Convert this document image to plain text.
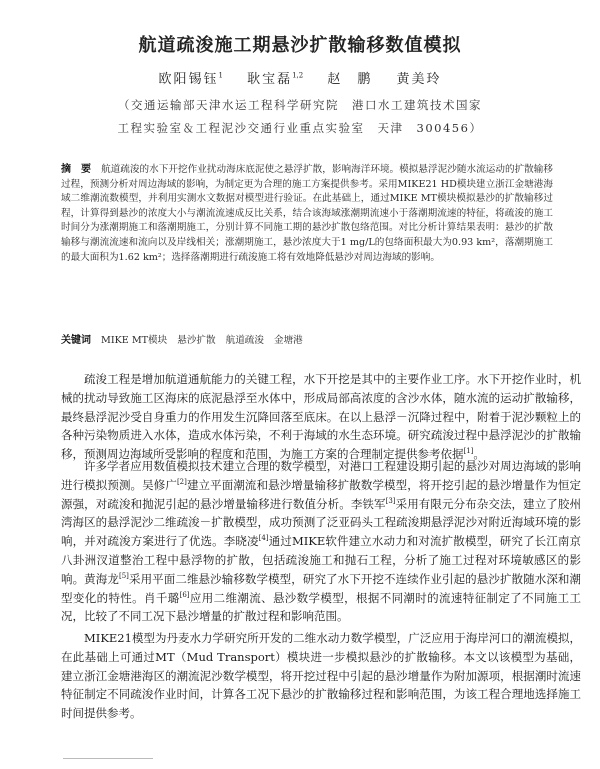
航道疏浚施工期悬沙扩散输移数值模拟
欧阳锡钰$^1$ 耿宝磊$^{1,2}$ 赵　鹏 黄美玲
（交通运输部天津水运工程科学研究院　港口水工建筑技术国家
工程实验室＆工程泥沙交通行业重点实验室　天津　300456）

摘　要 航道疏浚的水下开挖作业扰动海床底泥使之悬浮扩散，影响海洋环境。模拟悬浮泥沙随水流运动的扩散输移过程，预测分析对周边海域的影响，为制定更为合理的施工方案提供参考。采用MIKE21 HD模块建立浙江金塘港海域二维潮流数模型，并利用实测水文数据对模型进行验证。在此基础上，通过MIKE MT模块模拟悬沙的扩散输移过程，计算得到悬沙的浓度大小与潮流流速成反比关系，结合该海域涨潮期流速小于落潮期流速的特征，将疏浚的施工时间分为涨潮期施工和落潮期施工，分别计算不同施工期的悬沙扩散包络范围。对比分析计算结果表明：悬沙的扩散输移与潮流流速和流向以及岸线相关；涨潮期施工，悬沙浓度大于1 mg/L的包络面积最大为0.93 km²，落潮期施工的最大面积为1.62 km²；选择落潮期进行疏浚施工将有效地降低悬沙对周边海域的影响。

关键词 MIKE MT模块 悬沙扩散 航道疏浚 金塘港

疏浚工程是增加航道通航能力的关键工程，水下开挖是其中的主要作业工序。水下开挖作业时，机械的扰动导致施工区海床的底泥悬浮至水体中，形成局部高浓度的含沙水体，随水流的运动扩散输移，最终悬浮泥沙受自身重力的作用发生沉降回落至底床。在以上悬浮－沉降过程中，附着于泥沙颗粒上的各种污染物质进入水体，造成水体污染，不利于海域的水生态环境。研究疏浚过程中悬浮泥沙的扩散输移，预测周边海域所受影响的程度和范围，为施工方案的合理制定提供参考依据[1]。

许多学者应用数值模拟技术建立合理的数学模型，对港口工程建设期引起的悬沙对周边海域的影响进行模拟预测。吴修广[2]建立平面潮流和悬沙增量输移扩散数学模型，将开挖引起的悬沙增量作为恒定源强，对疏浚和抛泥引起的悬沙增量输移进行数值分析。李铁军[3]采用有限元分布杂交法，建立了胶州湾海区的悬浮泥沙二维疏浚－扩散模型，成功预测了泛亚码头工程疏浚期悬浮泥沙对附近海域环境的影响，并对疏浚方案进行了优选。李晓凌[4]通过MIKE软件建立水动力和对流扩散模型，研究了长江南京八卦洲汊道整治工程中悬浮物的扩散，包括疏浚施工和抛石工程，分析了施工过程对环境敏感区的影响。黄海龙[5]采用平面二维悬沙输移数学模型，研究了水下开挖不连续作业引起的悬沙扩散随水深和潮型变化的特性。肖千璐[6]应用二维潮流、悬沙数学模型，根据不同潮时的流速特征制定了不同施工工况，比较了不同工况下悬沙增量的扩散过程和影响范围。

MIKE21模型为丹麦水力学研究所开发的二维水动力数学模型，广泛应用于海岸河口的潮流模拟，在此基础上可通过MT（Mud Transport）模块进一步模拟悬沙的扩散输移。本文以该模型为基础，建立浙江金塘港海区的潮流泥沙数学模型，将开挖过程中引起的悬沙增量作为附加源项，根据潮时流速特征制定不同疏浚作业时间，计算各工况下悬沙的扩散输移过程和影响范围，为该工程合理地选择施工时间提供参考。
